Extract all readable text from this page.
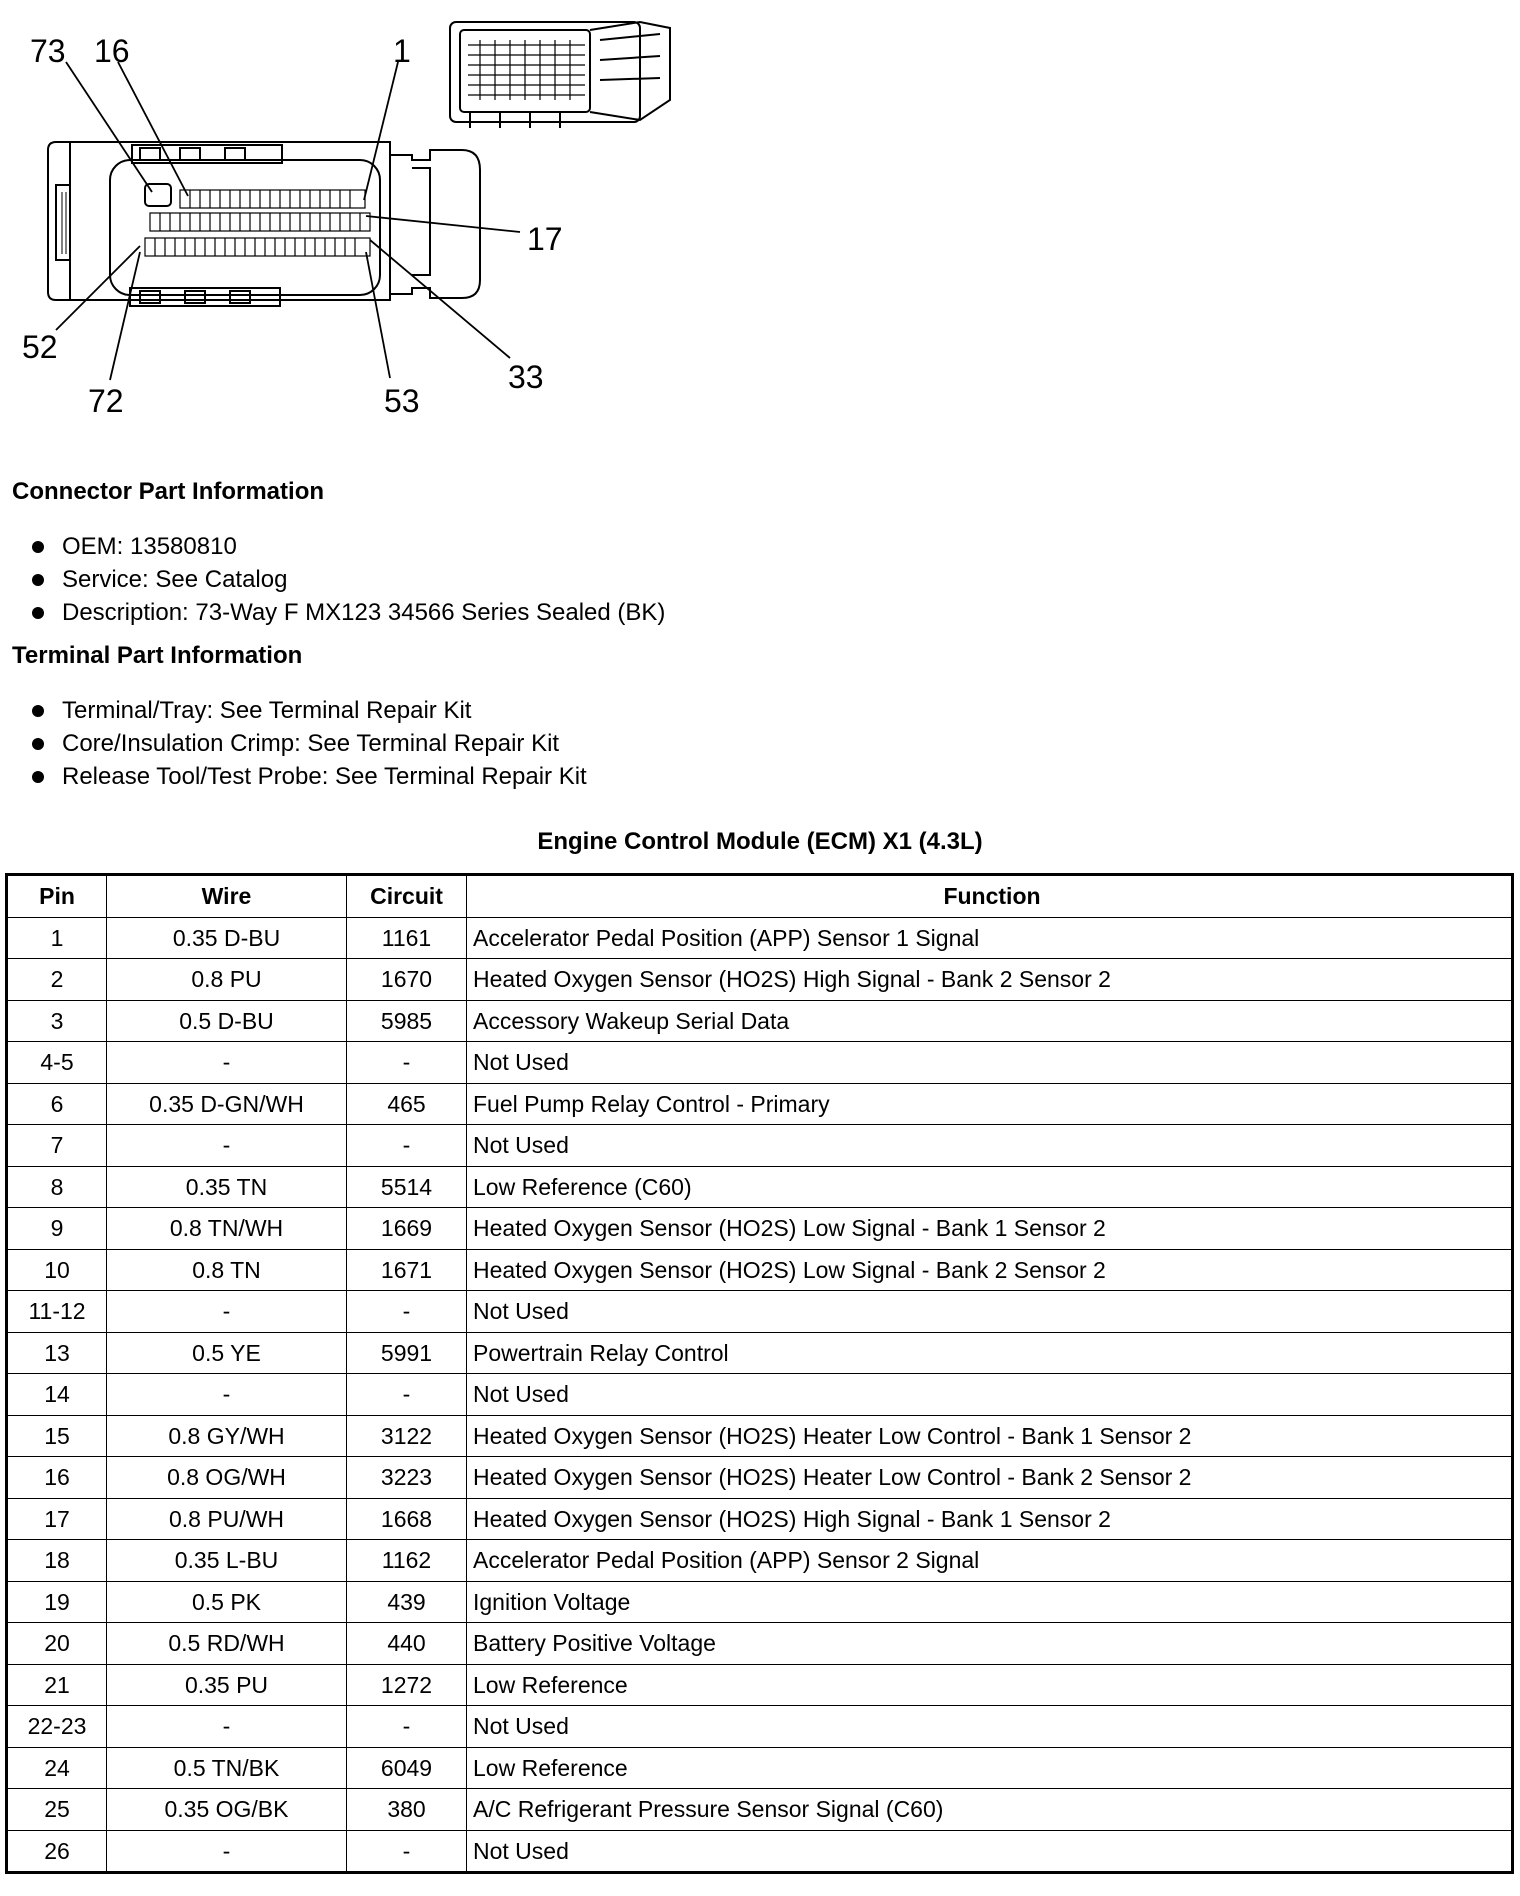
73 16	1
17
52
72	53
33
Connector Part Information
OEM: 13580810
Service: See Catalog
Description: 73-Way F MX123 34566 Series Sealed (BK)
Terminal Part Information
Terminal/Tray: See Terminal Repair Kit
Core/Insulation Crimp: See Terminal Repair Kit
Release Tool/Test Probe: See Terminal Repair Kit
Engine Control Module (ECM) X1 (4.3L)
Pin	Wire	Circuit	Function
1	0.35 D-BU	1161	Accelerator Pedal Position (APP) Sensor 1 Signal
2	0.8 PU	1670	Heated Oxygen Sensor (HO2S) High Signal - Bank 2 Sensor 2
3	0.5 D-BU	5985	Accessory Wakeup Serial Data
4-5	-	-	Not Used
6	0.35 D-GN/WH	465	Fuel Pump Relay Control - Primary
7	-	-	Not Used
8	0.35 TN	5514	Low Reference (C60)
9	0.8 TN/WH	1669	Heated Oxygen Sensor (HO2S) Low Signal - Bank 1 Sensor 2
10	0.8 TN	1671	Heated Oxygen Sensor (HO2S) Low Signal - Bank 2 Sensor 2
11-12	-	-	Not Used
13	0.5 YE	5991	Powertrain Relay Control
14	-	-	Not Used
15	0.8 GY/WH	3122	Heated Oxygen Sensor (HO2S) Heater Low Control - Bank 1 Sensor 2
16	0.8 OG/WH	3223	Heated Oxygen Sensor (HO2S) Heater Low Control - Bank 2 Sensor 2
17	0.8 PU/WH	1668	Heated Oxygen Sensor (HO2S) High Signal - Bank 1 Sensor 2
18	0.35 L-BU	1162	Accelerator Pedal Position (APP) Sensor 2 Signal
19	0.5 PK	439	Ignition Voltage
20	0.5 RD/WH	440	Battery Positive Voltage
21	0.35 PU	1272	Low Reference
22-23	-	-	Not Used
24	0.5 TN/BK	6049	Low Reference
25	0.35 OG/BK	380	A/C Refrigerant Pressure Sensor Signal (C60)
26	-	-	Not Used
